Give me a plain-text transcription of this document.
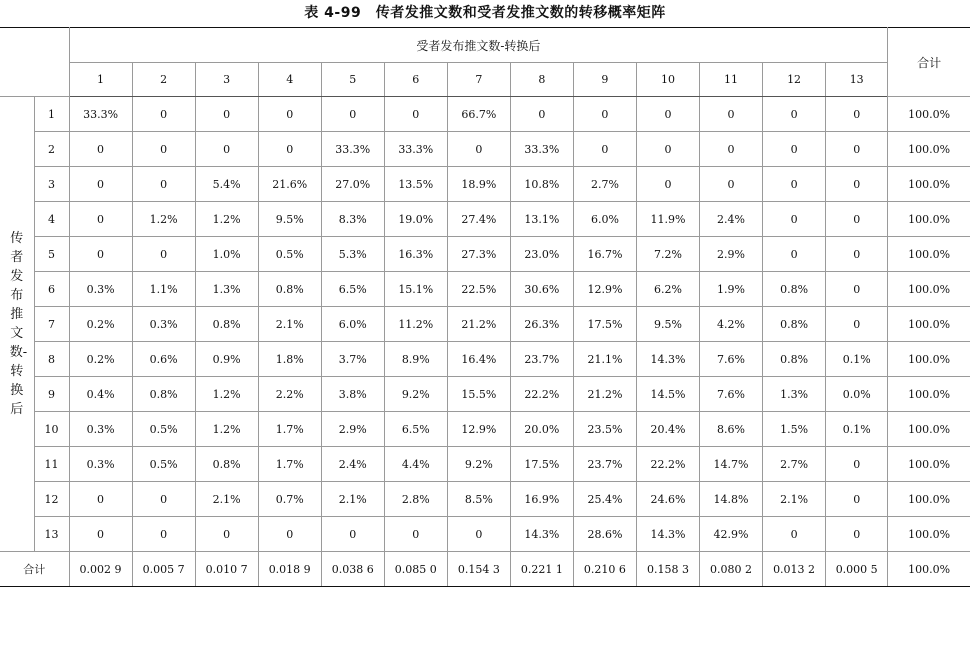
表 4-99　传者发推文数和受者发推文数的转移概率矩阵
		受者发布推文数-转换后													合计
		1	2	3	4	5	6	7	8	9	10	11	12	13	

传者发布推文数-转换后	1	33.3%	0	0	0	0	0	66.7%	0	0	0	0	0	0	100.0%
	2	0	0	0	0	33.3%	33.3%	0	33.3%	0	0	0	0	0	100.0%
	3	0	0	5.4%	21.6%	27.0%	13.5%	18.9%	10.8%	2.7%	0	0	0	0	100.0%
	4	0	1.2%	1.2%	9.5%	8.3%	19.0%	27.4%	13.1%	6.0%	11.9%	2.4%	0	0	100.0%
	5	0	0	1.0%	0.5%	5.3%	16.3%	27.3%	23.0%	16.7%	7.2%	2.9%	0	0	100.0%
	6	0.3%	1.1%	1.3%	0.8%	6.5%	15.1%	22.5%	30.6%	12.9%	6.2%	1.9%	0.8%	0	100.0%
	7	0.2%	0.3%	0.8%	2.1%	6.0%	11.2%	21.2%	26.3%	17.5%	9.5%	4.2%	0.8%	0	100.0%
	8	0.2%	0.6%	0.9%	1.8%	3.7%	8.9%	16.4%	23.7%	21.1%	14.3%	7.6%	0.8%	0.1%	100.0%
	9	0.4%	0.8%	1.2%	2.2%	3.8%	9.2%	15.5%	22.2%	21.2%	14.5%	7.6%	1.3%	0.0%	100.0%
	10	0.3%	0.5%	1.2%	1.7%	2.9%	6.5%	12.9%	20.0%	23.5%	20.4%	8.6%	1.5%	0.1%	100.0%
	11	0.3%	0.5%	0.8%	1.7%	2.4%	4.4%	9.2%	17.5%	23.7%	22.2%	14.7%	2.7%	0	100.0%
	12	0	0	2.1%	0.7%	2.1%	2.8%	8.5%	16.9%	25.4%	24.6%	14.8%	2.1%	0	100.0%
	13	0	0	0	0	0	0	0	14.3%	28.6%	14.3%	42.9%	0	0	100.0%
合计		0.002 9	0.005 7	0.010 7	0.018 9	0.038 6	0.085 0	0.154 3	0.221 1	0.210 6	0.158 3	0.080 2	0.013 2	0.000 5	100.0%
